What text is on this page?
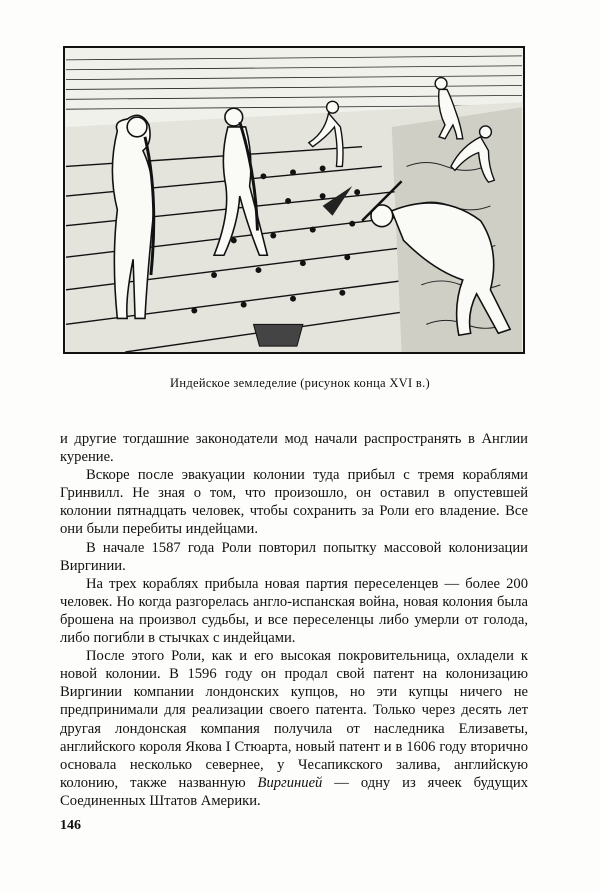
Индейское земледелие (рисунок конца XVI в.)

и другие тогдашние законодатели мод начали распространять в Англии курение.

Вскоре после эвакуации колонии туда прибыл с тремя кораблями Гринвилл. Не зная о том, что произошло, он оставил в опустевшей колонии пятнадцать человек, чтобы сохранить за Роли его владение. Все они были перебиты индейцами.

В начале 1587 года Роли повторил попытку массовой колонизации Виргинии.

На трех кораблях прибыла новая партия переселенцев — более 200 человек. Но когда разгорелась англо-испанская война, новая колония была брошена на произвол судьбы, и все переселенцы либо умерли от голода, либо погибли в стычках с индейцами.

После этого Роли, как и его высокая покровительница, охладели к новой колонии. В 1596 году он продал свой патент на колонизацию Виргинии компании лондонских купцов, но эти купцы ничего не предпринимали для реализации своего патента. Только через десять лет другая лондонская компания получила от наследника Елизаветы, английского короля Якова I Стюарта, новый патент и в 1606 году вторично основала несколько севернее, у Чесапикского залива, английскую колонию, также названную Виргинией — одну из ячеек будущих Соединенных Штатов Америки.

146
